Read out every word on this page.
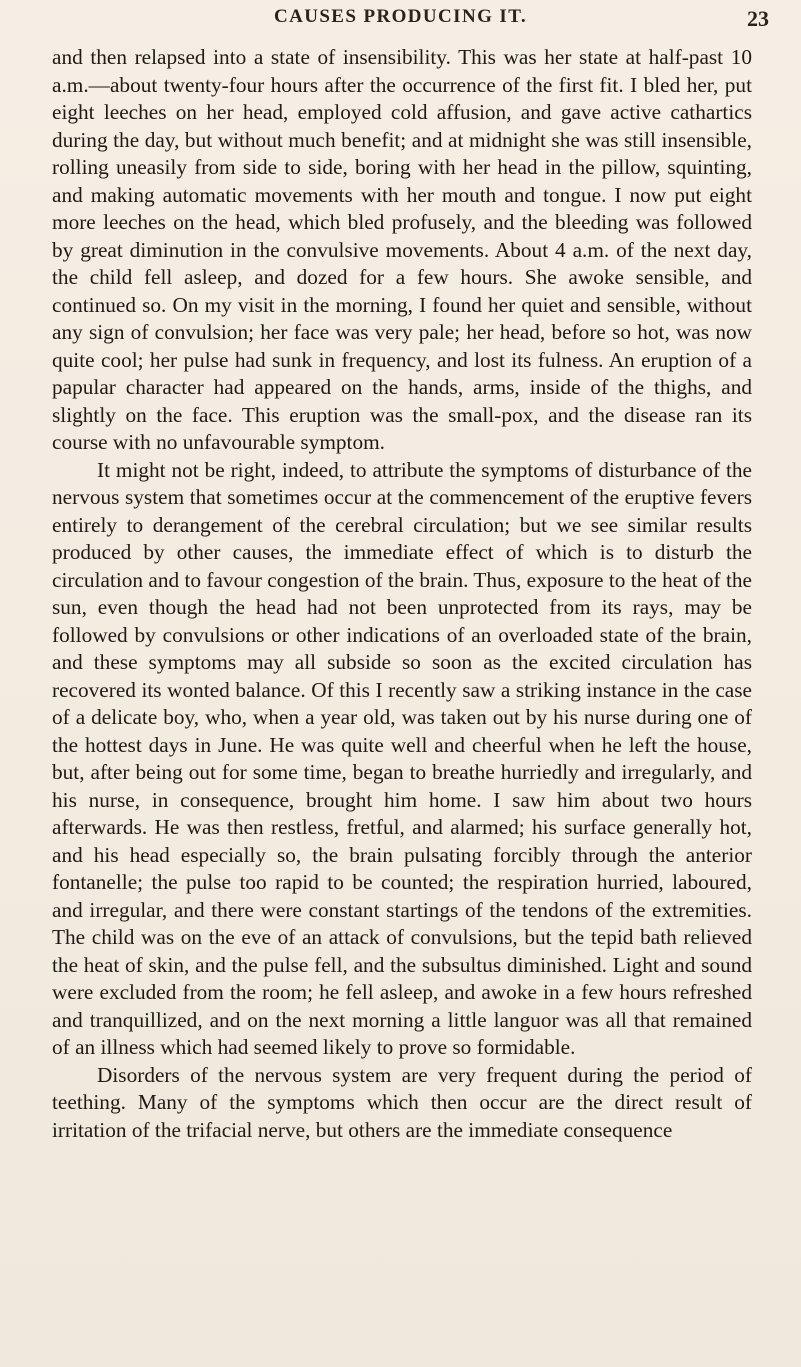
CAUSES PRODUCING IT.	23

and then relapsed into a state of insensibility. This was her state at half-past 10 a.m.—about twenty-four hours after the occurrence of the first fit. I bled her, put eight leeches on her head, employed cold affusion, and gave active cathartics during the day, but without much benefit; and at midnight she was still insensible, rolling uneasily from side to side, boring with her head in the pillow, squinting, and making automatic movements with her mouth and tongue. I now put eight more leeches on the head, which bled profusely, and the bleeding was followed by great diminution in the convulsive movements. About 4 a.m. of the next day, the child fell asleep, and dozed for a few hours. She awoke sensible, and continued so. On my visit in the morning, I found her quiet and sensible, without any sign of convulsion; her face was very pale; her head, before so hot, was now quite cool; her pulse had sunk in frequency, and lost its fulness. An eruption of a papular character had appeared on the hands, arms, inside of the thighs, and slightly on the face. This eruption was the small-pox, and the disease ran its course with no unfavourable symptom.

It might not be right, indeed, to attribute the symptoms of disturbance of the nervous system that sometimes occur at the commencement of the eruptive fevers entirely to derangement of the cerebral circulation; but we see similar results produced by other causes, the immediate effect of which is to disturb the circulation and to favour congestion of the brain. Thus, exposure to the heat of the sun, even though the head had not been unprotected from its rays, may be followed by convulsions or other indications of an overloaded state of the brain, and these symptoms may all subside so soon as the excited circulation has recovered its wonted balance. Of this I recently saw a striking instance in the case of a delicate boy, who, when a year old, was taken out by his nurse during one of the hottest days in June. He was quite well and cheerful when he left the house, but, after being out for some time, began to breathe hurriedly and irregularly, and his nurse, in consequence, brought him home. I saw him about two hours afterwards. He was then restless, fretful, and alarmed; his surface generally hot, and his head especially so, the brain pulsating forcibly through the anterior fontanelle; the pulse too rapid to be counted; the respiration hurried, laboured, and irregular, and there were constant startings of the tendons of the extremities. The child was on the eve of an attack of convulsions, but the tepid bath relieved the heat of skin, and the pulse fell, and the subsultus diminished. Light and sound were excluded from the room; he fell asleep, and awoke in a few hours refreshed and tranquillized, and on the next morning a little languor was all that remained of an illness which had seemed likely to prove so formidable.

Disorders of the nervous system are very frequent during the period of teething. Many of the symptoms which then occur are the direct result of irritation of the trifacial nerve, but others are the immediate consequence
